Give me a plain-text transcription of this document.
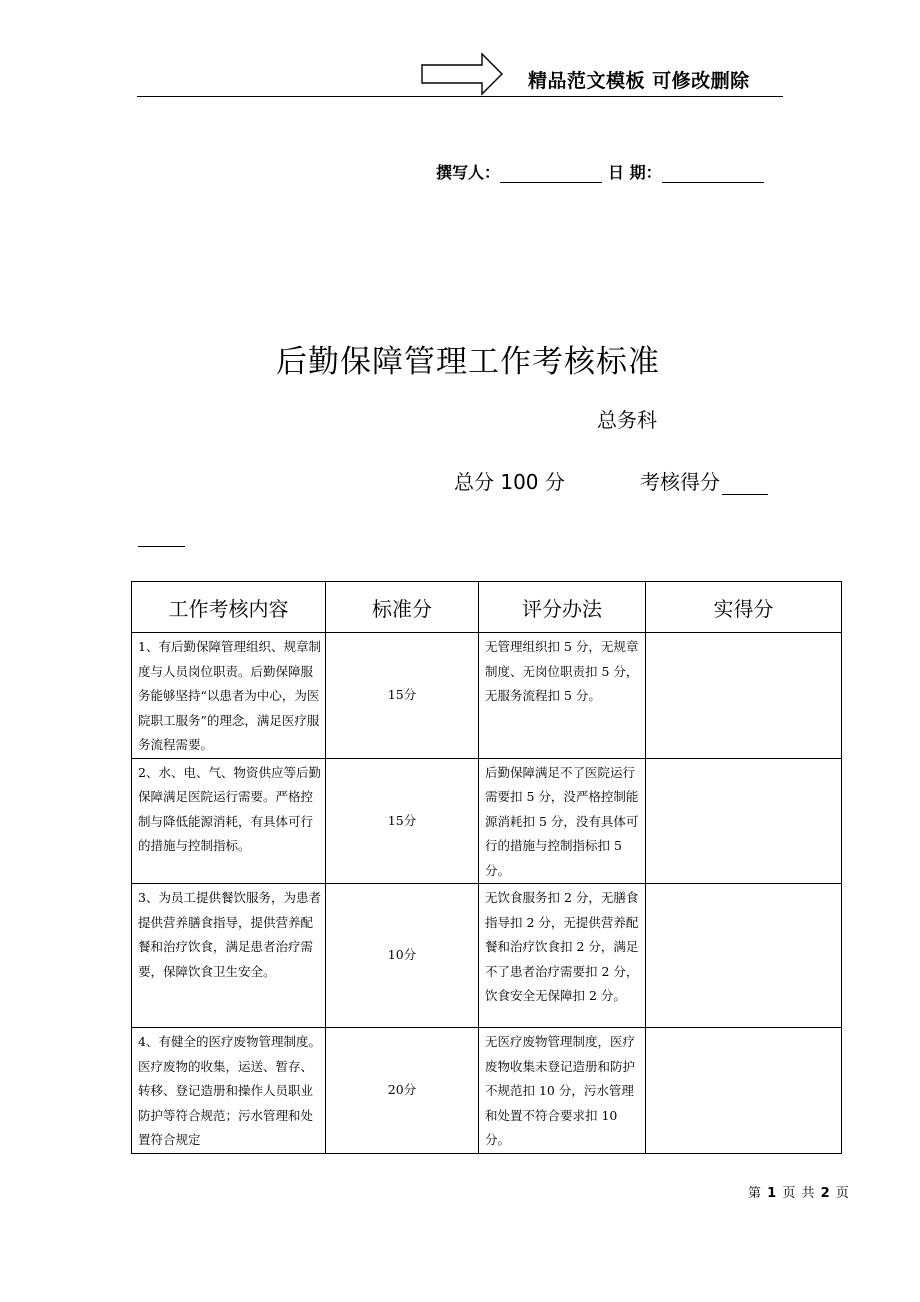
精品范文模板 可修改删除
撰写人：	日 期：
后勤保障管理工作考核标准
总务科
总分 100 分	考核得分
工作考核内容	标准分	评分办法	实得分
1、有后勤保障管理组织、规章制度与人员岗位职责。后勤保障服务能够坚持“以患者为中心，为医院职工服务”的理念，满足医疗服务流程需要。	15分	无管理组织扣 5 分，无规章制度、无岗位职责扣 5 分，无服务流程扣 5 分。	
2、水、电、气、物资供应等后勤保障满足医院运行需要。严格控制与降低能源消耗，有具体可行的措施与控制指标。	15分	后勤保障满足不了医院运行需要扣 5 分，没严格控制能源消耗扣 5 分，没有具体可行的措施与控制指标扣 5 分。	
3、为员工提供餐饮服务，为患者提供营养膳食指导，提供营养配餐和治疗饮食，满足患者治疗需要，保障饮食卫生安全。	10分	无饮食服务扣 2 分，无膳食指导扣 2 分，无提供营养配餐和治疗饮食扣 2 分，满足不了患者治疗需要扣 2 分，饮食安全无保障扣 2 分。	
4、有健全的医疗废物管理制度。医疗废物的收集，运送、暂存、转移、登记造册和操作人员职业防护等符合规范；污水管理和处置符合规定	20分	无医疗废物管理制度，医疗废物收集未登记造册和防护不规范扣 10 分，污水管理和处置不符合要求扣 10 分。	
第 1 页 共 2 页
